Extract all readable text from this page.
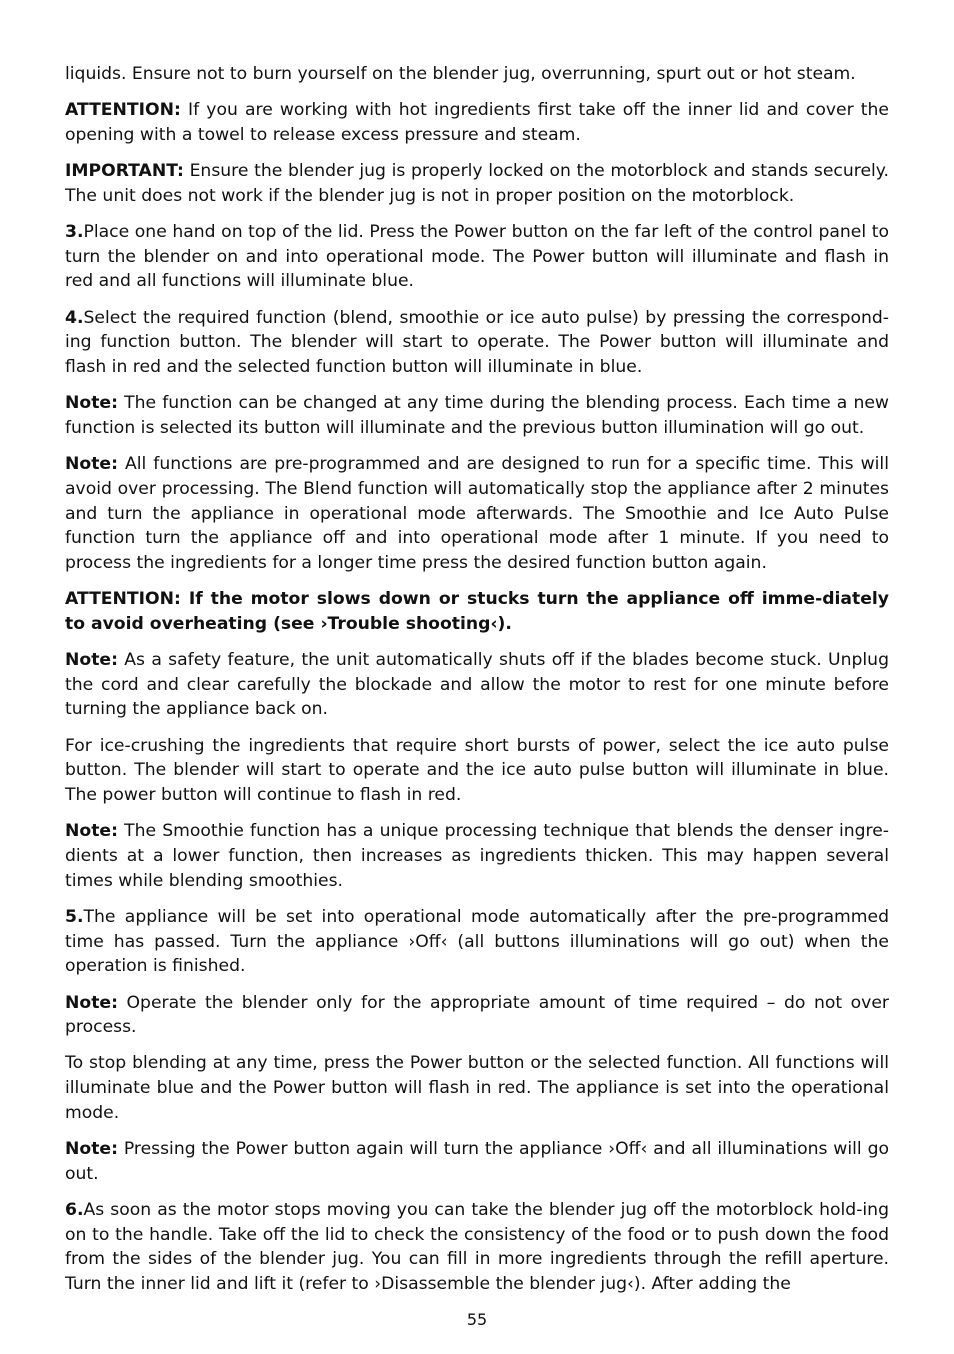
liquids. Ensure not to burn yourself on the blender jug, overrunning, spurt out or hot steam.

ATTENTION: If you are working with hot ingredients first take off the inner lid and cover the opening with a towel to release excess pressure and steam.

IMPORTANT: Ensure the blender jug is properly locked on the motorblock and stands securely. The unit does not work if the blender jug is not in proper position on the motorblock.

3.Place one hand on top of the lid. Press the Power button on the far left of the control panel to turn the blender on and into operational mode. The Power button will illuminate and flash in red and all functions will illuminate blue.

4.Select the required function (blend, smoothie or ice auto pulse) by pressing the correspond-ing function button. The blender will start to operate. The Power button will illuminate and flash in red and the selected function button will illuminate in blue.

Note: The function can be changed at any time during the blending process. Each time a new function is selected its button will illuminate and the previous button illumination will go out.

Note: All functions are pre-programmed and are designed to run for a specific time. This will avoid over processing. The Blend function will automatically stop the appliance after 2 minutes and turn the appliance in operational mode afterwards. The Smoothie and Ice Auto Pulse function turn the appliance off and into operational mode after 1 minute. If you need to process the ingredients for a longer time press the desired function button again.

ATTENTION: If the motor slows down or stucks turn the appliance off imme-diately to avoid overheating (see ›Trouble shooting‹).

Note: As a safety feature, the unit automatically shuts off if the blades become stuck. Unplug the cord and clear carefully the blockade and allow the motor to rest for one minute before turning the appliance back on.

For ice-crushing the ingredients that require short bursts of power, select the ice auto pulse button. The blender will start to operate and the ice auto pulse button will illuminate in blue. The power button will continue to flash in red.

Note: The Smoothie function has a unique processing technique that blends the denser ingre-dients at a lower function, then increases as ingredients thicken. This may happen several times while blending smoothies.

5.The appliance will be set into operational mode automatically after the pre-programmed time has passed. Turn the appliance ›Off‹ (all buttons illuminations will go out) when the operation is finished.

Note: Operate the blender only for the appropriate amount of time required – do not over process.

To stop blending at any time, press the Power button or the selected function. All functions will illuminate blue and the Power button will flash in red. The appliance is set into the operational mode.

Note: Pressing the Power button again will turn the appliance ›Off‹ and all illuminations will go out.

6.As soon as the motor stops moving you can take the blender jug off the motorblock hold-ing on to the handle. Take off the lid to check the consistency of the food or to push down the food from the sides of the blender jug. You can fill in more ingredients through the refill aperture. Turn the inner lid and lift it (refer to ›Disassemble the blender jug‹). After adding the

55
